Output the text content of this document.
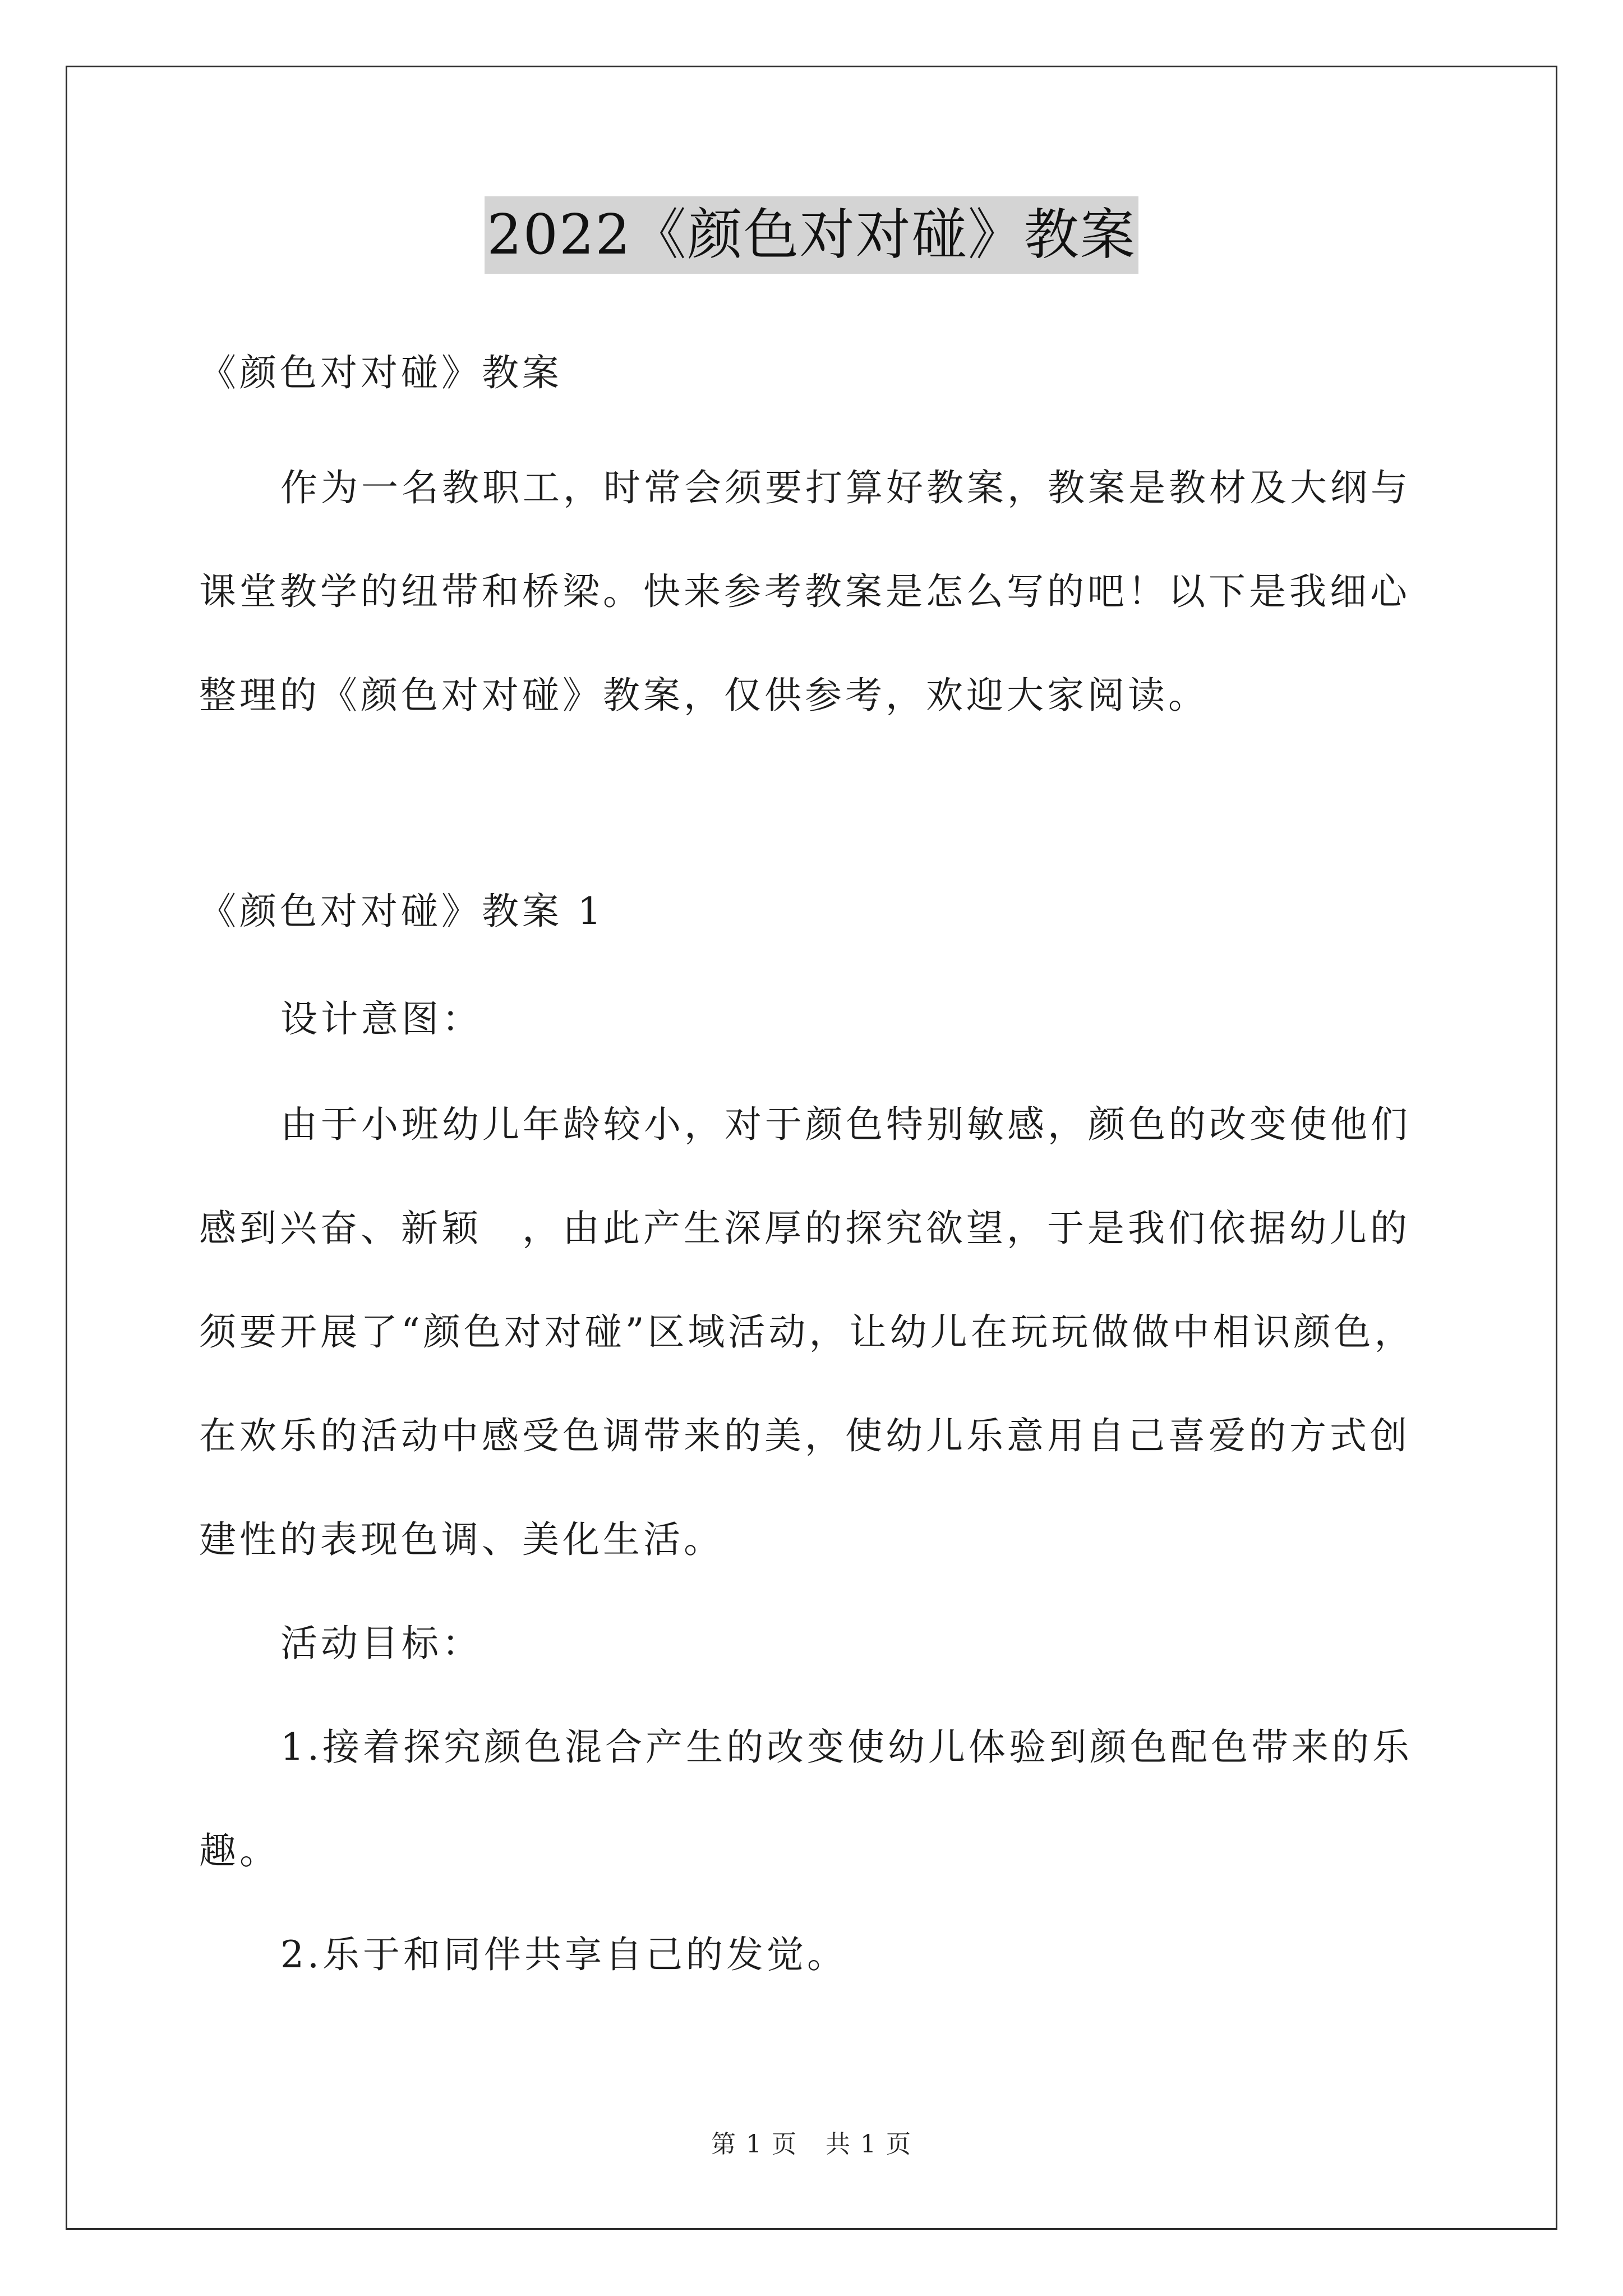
2022《颜色对对碰》教案
《颜色对对碰》教案
作为一名教职工，时常会须要打算好教案，教案是教材及大纲与
课堂教学的纽带和桥梁。快来参考教案是怎么写的吧！以下是我细心
整理的《颜色对对碰》教案，仅供参考，欢迎大家阅读。
《颜色对对碰》教案 1
设计意图：
由于小班幼儿年龄较小，对于颜色特别敏感，颜色的改变使他们
感到兴奋、新颖　，由此产生深厚的探究欲望，于是我们依据幼儿的
须要开展了“颜色对对碰”区域活动，让幼儿在玩玩做做中相识颜色，
在欢乐的活动中感受色调带来的美，使幼儿乐意用自己喜爱的方式创
建性的表现色调、美化生活。
活动目标：
1.接着探究颜色混合产生的改变使幼儿体验到颜色配色带来的乐
趣。
2.乐于和同伴共享自己的发觉。
第 1 页 共 1 页
